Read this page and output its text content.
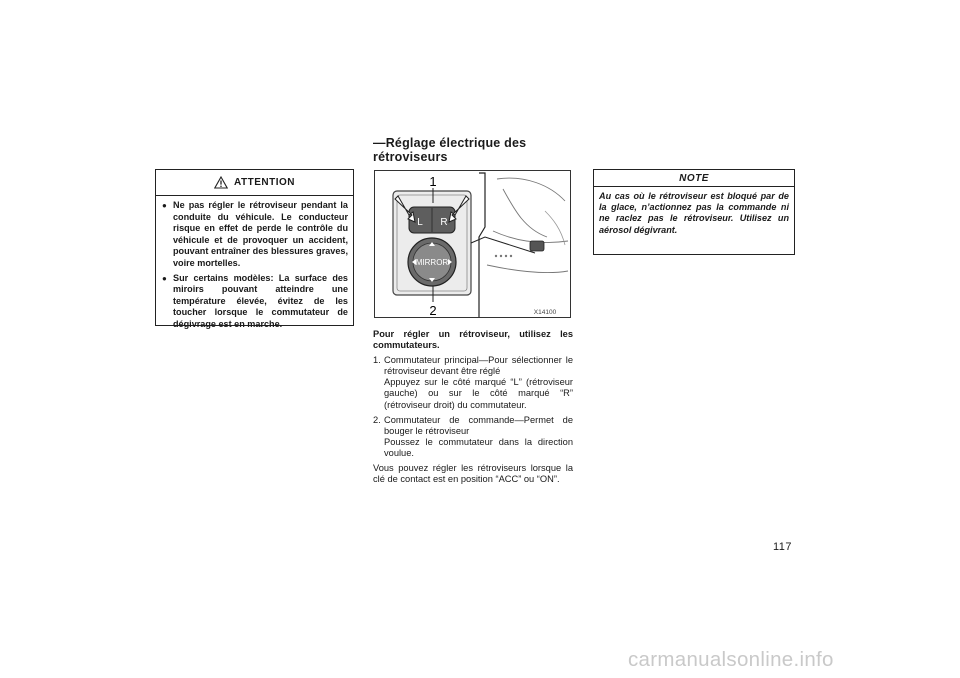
ATTENTION
● Ne pas régler le rétroviseur pendant la conduite du véhicule. Le conducteur risque en effet de perde le contrôle du véhicule et de provoquer un accident, pouvant entraîner des blessures graves, voire mortelles.
● Sur certains modèles: La surface des miroirs pouvant atteindre une température élevée, évitez de les toucher lorsque le commutateur de dégivrage est en marche.
—Réglage électrique des
rétroviseurs
L R
MIRROR
1
2	X14100

Pour régler un rétroviseur, utilisez les commutateurs.

1. Commutateur principal—Pour sélectionner le rétroviseur devant être réglé
Appuyez sur le côté marqué “L” (rétroviseur gauche) ou sur le côté marqué “R” (rétroviseur droit) du commutateur.
2. Commutateur de commande—Permet de bouger le rétroviseur
Poussez le commutateur dans la direction voulue.

Vous pouvez régler les rétroviseurs lorsque la clé de contact est en position “ACC” ou “ON”.

NOTE
Au cas où le rétroviseur est bloqué par de la glace, n’actionnez pas la commande ni ne raclez pas le rétroviseur. Utilisez un aérosol dégivrant.
117
carmanualsonline.info
